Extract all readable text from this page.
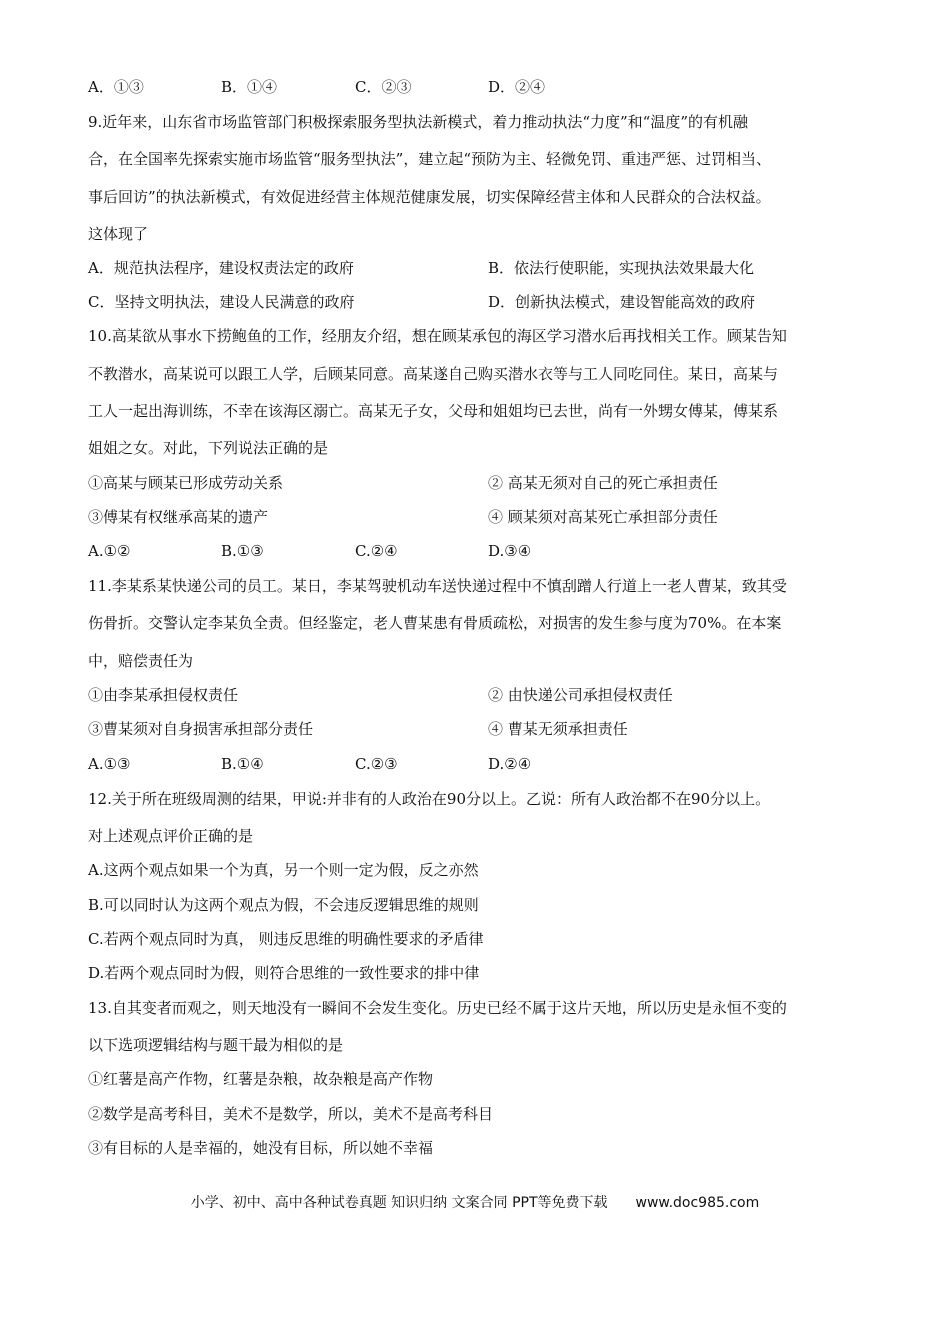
A．①③	B．①④	C．②③	D．②④
9.近年来，山东省市场监管部门积极探索服务型执法新模式，着力推动执法“力度”和“温度”的有机融
合，在全国率先探索实施市场监管“服务型执法”，建立起“预防为主、轻微免罚、重违严惩、过罚相当、
事后回访”的执法新模式，有效促进经营主体规范健康发展，切实保障经营主体和人民群众的合法权益。
这体现了
A．规范执法程序，建设权责法定的政府	B．依法行使职能，实现执法效果最大化
C．坚持文明执法，建设人民满意的政府	D．创新执法模式，建设智能高效的政府
10.高某欲从事水下捞鲍鱼的工作，经朋友介绍，想在顾某承包的海区学习潜水后再找相关工作。顾某告知
不教潜水，高某说可以跟工人学，后顾某同意。高某遂自己购买潜水衣等与工人同吃同住。某日，高某与
工人一起出海训练，不幸在该海区溺亡。高某无子女，父母和姐姐均已去世，尚有一外甥女傅某，傅某系
姐姐之女。对此，下列说法正确的是
①高某与顾某已形成劳动关系	② 高某无须对自己的死亡承担责任
③傅某有权继承高某的遗产	④ 顾某须对高某死亡承担部分责任
A.①②	B.①③	C.②④	D.③④
11.李某系某快递公司的员工。某日，李某驾驶机动车送快递过程中不慎刮蹭人行道上一老人曹某，致其受
伤骨折。交警认定李某负全责。但经鉴定，老人曹某患有骨质疏松，对损害的发生参与度为70%。在本案
中，赔偿责任为
①由李某承担侵权责任	② 由快递公司承担侵权责任
③曹某须对自身损害承担部分责任	④ 曹某无须承担责任
A.①③	B.①④	C.②③	D.②④
12.关于所在班级周测的结果，甲说:并非有的人政治在90分以上。乙说：所有人政治都不在90分以上。
对上述观点评价正确的是
A.这两个观点如果一个为真，另一个则一定为假，反之亦然
B.可以同时认为这两个观点为假，不会违反逻辑思维的规则
C.若两个观点同时为真， 则违反思维的明确性要求的矛盾律
D.若两个观点同时为假，则符合思维的一致性要求的排中律
13.自其变者而观之，则天地没有一瞬间不会发生变化。历史已经不属于这片天地，所以历史是永恒不变的
以下选项逻辑结构与题干最为相似的是
①红薯是高产作物，红薯是杂粮，故杂粮是高产作物
②数学是高考科目，美术不是数学，所以，美术不是高考科目
③有目标的人是幸福的，她没有目标，所以她不幸福
小学、初中、高中各种试卷真题 知识归纳 文案合同 PPT等免费下载 www.doc985.com
